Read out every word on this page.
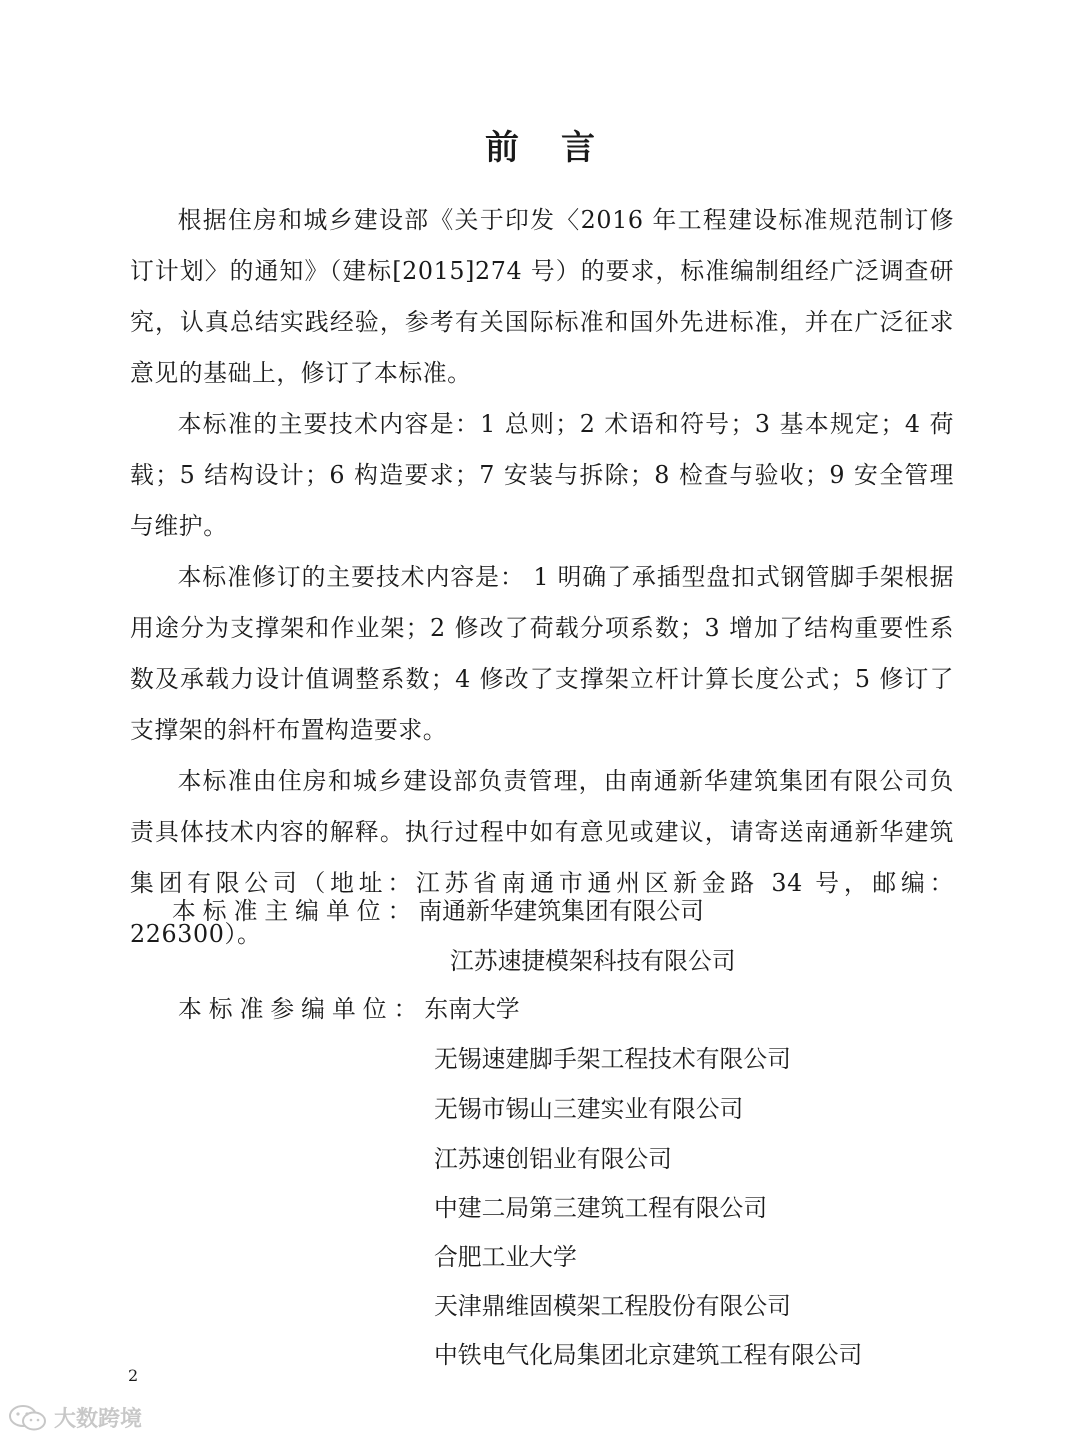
前言

根据住房和城乡建设部《关于印发〈2016 年工程建设标准规范制订修订计划〉的通知》（建标[2015]274 号）的要求，标准编制组经广泛调查研究，认真总结实践经验，参考有关国际标准和国外先进标准，并在广泛征求意见的基础上，修订了本标准。

本标准的主要技术内容是：1 总则；2 术语和符号；3 基本规定；4 荷载；5 结构设计；6 构造要求；7 安装与拆除；8 检查与验收；9 安全管理与维护。

本标准修订的主要技术内容是： 1 明确了承插型盘扣式钢管脚手架根据用途分为支撑架和作业架；2 修改了荷载分项系数；3 增加了结构重要性系数及承载力设计值调整系数；4 修改了支撑架立杆计算长度公式；5 修订了支撑架的斜杆布置构造要求。

本标准由住房和城乡建设部负责管理，由南通新华建筑集团有限公司负责具体技术内容的解释。执行过程中如有意见或建议，请寄送南通新华建筑集团有限公司（地址：江苏省南通市通州区新金路 34 号，邮编：226300）。

本标准主编单位：南通新华建筑集团有限公司
江苏速捷模架科技有限公司
本标准参编单位：东南大学
无锡速建脚手架工程技术有限公司
无锡市锡山三建实业有限公司
江苏速创铝业有限公司
中建二局第三建筑工程有限公司
合肥工业大学
天津鼎维固模架工程股份有限公司
中铁电气化局集团北京建筑工程有限公司
2
大数跨境
